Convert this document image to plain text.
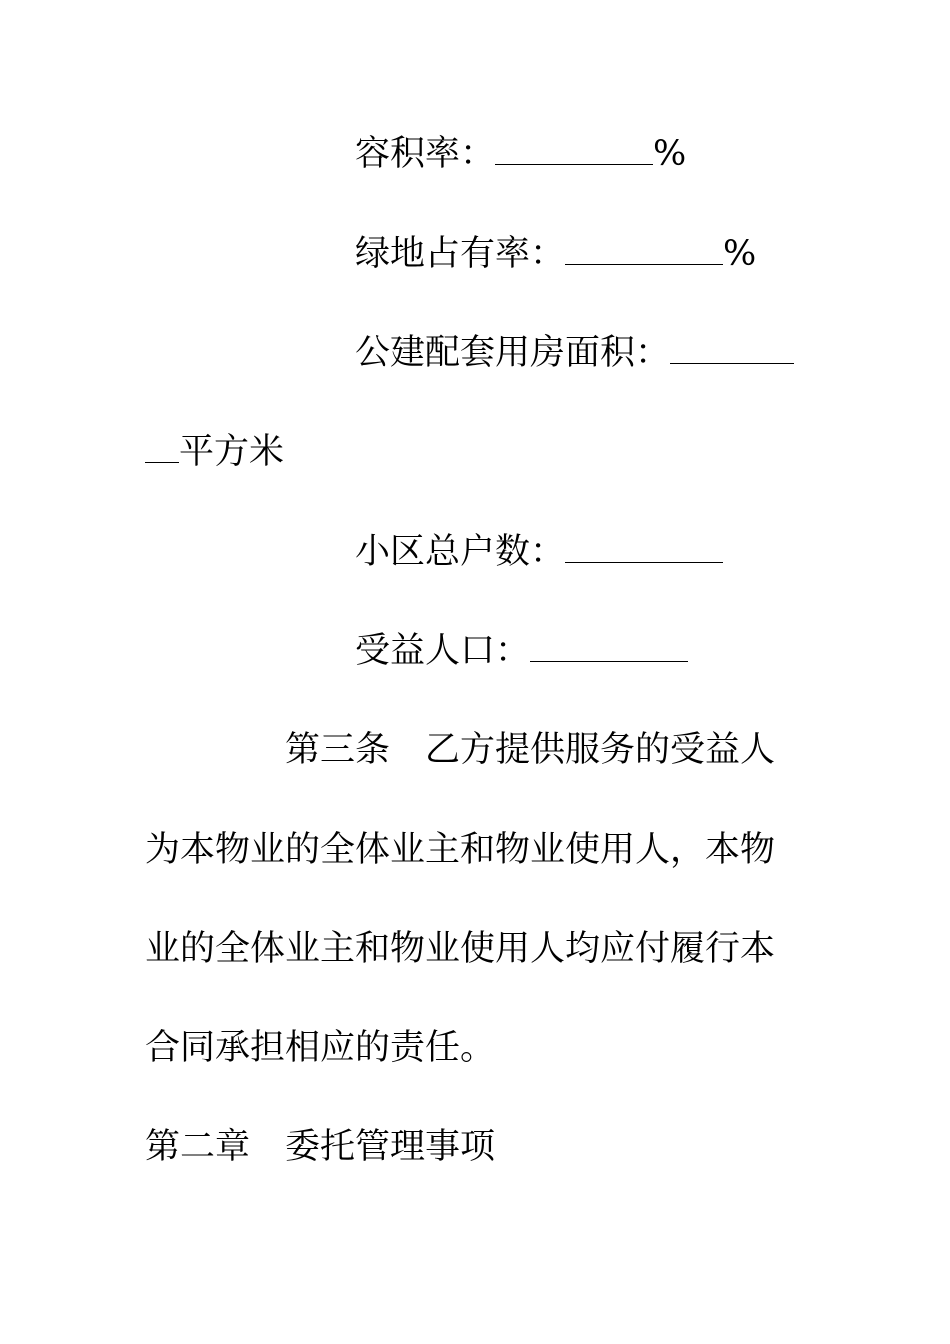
容积率：	%

绿地占有率：	%

公建配套用房面积：

平方米

小区总户数：

受益人口：

第三条　乙方提供服务的受益人

为本物业的全体业主和物业使用人，本物

业的全体业主和物业使用人均应付履行本

合同承担相应的责任。

第二章　委托管理事项
